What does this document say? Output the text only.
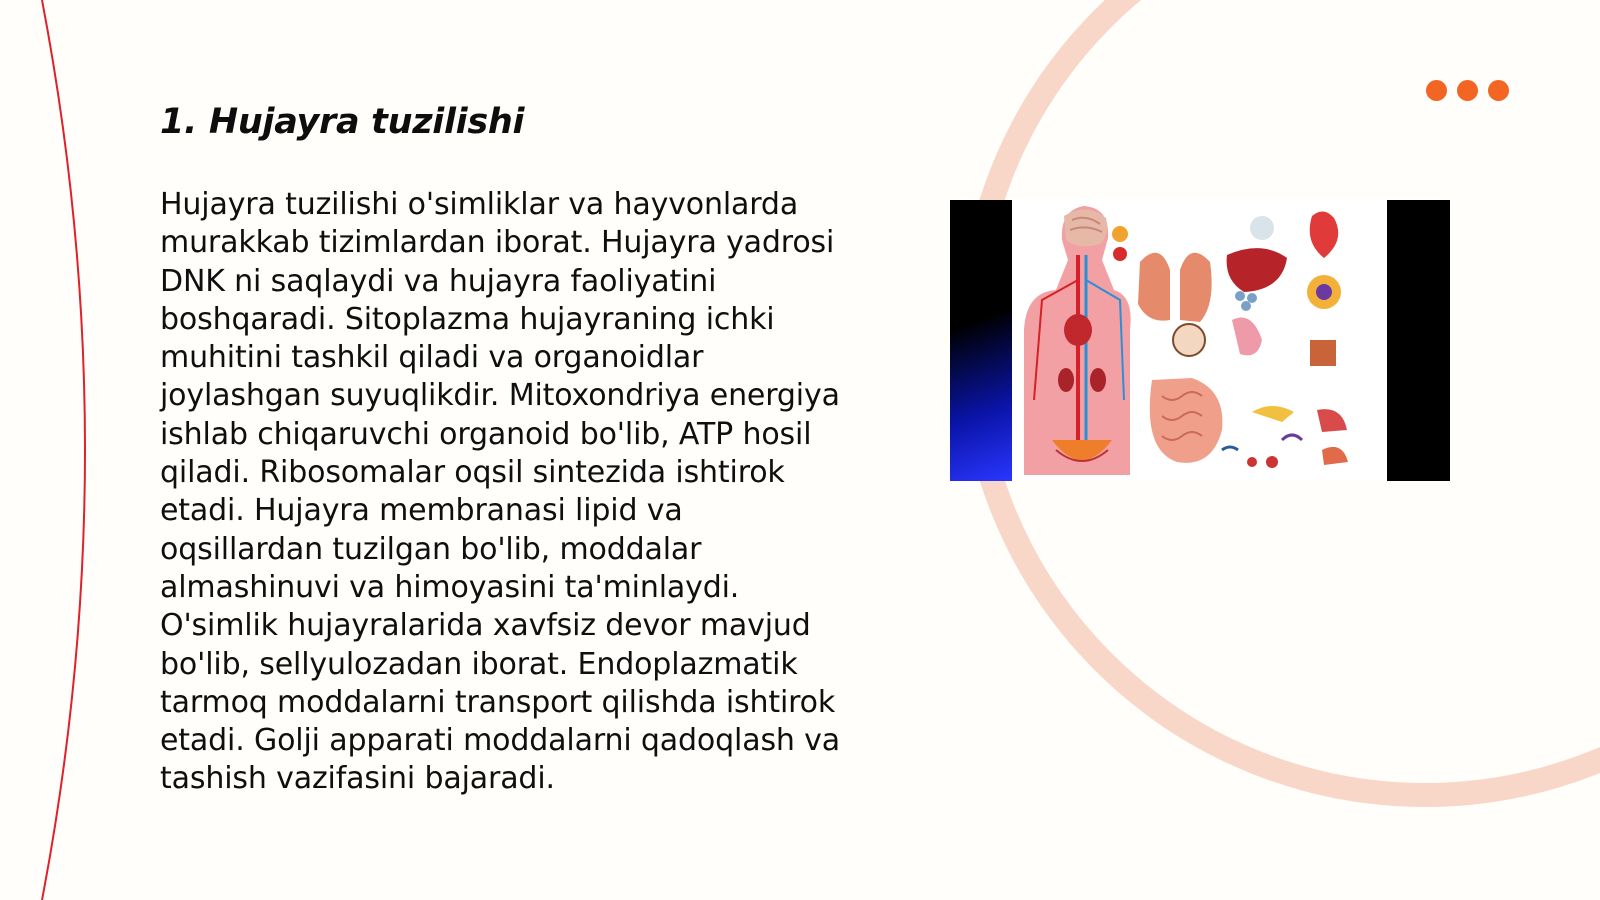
1. Hujayra tuzilishi

Hujayra tuzilishi o'simliklar va hayvonlarda murakkab tizimlardan iborat. Hujayra yadrosi DNK ni saqlaydi va hujayra faoliyatini boshqaradi. Sitoplazma hujayraning ichki muhitini tashkil qiladi va organoidlar joylashgan suyuqlikdir. Mitoxondriya energiya ishlab chiqaruvchi organoid bo'lib, ATP hosil qiladi. Ribosomalar oqsil sintezida ishtirok etadi. Hujayra membranasi lipid va oqsillardan tuzilgan bo'lib, moddalar almashinuvi va himoyasini ta'minlaydi. O'simlik hujayralarida xavfsiz devor mavjud bo'lib, sellyulozadan iborat. Endoplazmatik tarmoq moddalarni transport qilishda ishtirok etadi. Golji apparati moddalarni qadoqlash va tashish vazifasini bajaradi.
